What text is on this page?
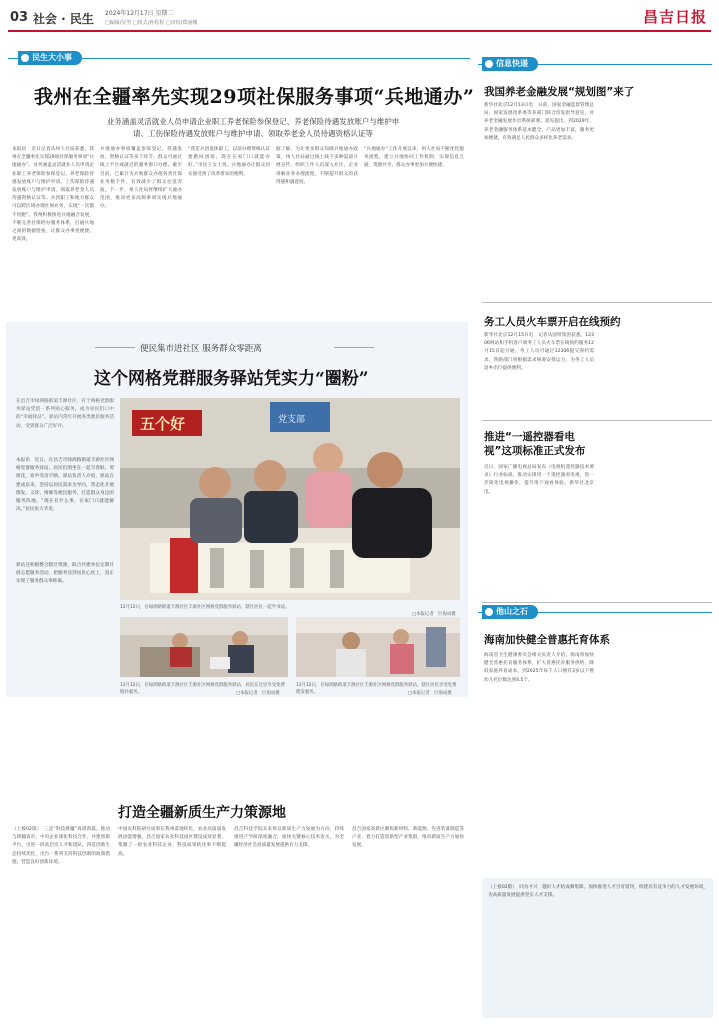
03 社会 · 民生 2024年12月17日 星期二
□编辑/吴男 □组式/孙程程 □审校/郑丽娜	昌吉日报
民生大小事
我州在全疆率先实现29项社保服务事项“兵地通办”
业务涵盖灵活就业人员申请企业职工养老保险参保登记、养老保险待遇发放账户与维护申
请、工伤保险待遇发放账户与维护申请、领取养老金人员待遇资格认证等
本报讯　近日记者从州人社局获悉，我州在全疆率先实现29项社保服务事项“兵地通办”。业务涵盖灵活就业人员申请企业职工养老保险参保登记、养老保险待遇发放账户与维护申请、工伤保险待遇发放账户与维护申请、领取养老金人员待遇资格认证等。兵团职工和地方群众可以跨区域办理社保业务，实现“一次都不用跑”。我州积极推进兵地融合发展，不断完善社保经办服务体系，打通兵地之间的数据壁垒，让群众办事更便捷、更高效。
兵地通办事项覆盖参保登记、待遇发放、资格认证等多个环节，群众可通过线上平台或就近的服务窗口办理。截至目前，已累计为兵地群众办理各类社保业务数千件，有效减少了群众往返奔波。下一步，州人社局将继续扩大通办范围，推动更多高频事项实现兵地通办。
“我是兵团退休职工，以前办理资格认证要跑回团场，现在在家门口就能办好。”市民王女士说。兵地通办让群众切实感受到了改革带来的便利。
据了解，为让更多群众知晓兵地通办政策，州人社局通过线上线下多种渠道开展宣传，组织工作人员深入社区、企业讲解业务办理流程，不断提升群众的获得感和满意度。
“兵地通办”工作开展以来，州人社局不断优化服务流程，建立兵地协同工作机制，实现信息互通、资源共享，群众办事更加方便快捷。
便民集市进社区 服务群众零距离
这个网格党群服务驿站凭实力“圈粉”
在昌吉市绿洲路街道丰源社区，有个网格党群服务驿站凭借一系列贴心服务，成为居民们口中的“幸福驿站”。驿站内常年开展各类便民服务活动，受到群众广泛好评。
本报讯　近日，在昌吉市绿洲路街道丰源社区网格党群服务驿站，居民们围坐在一起写春联、剪窗花，欢声笑语不断。驿站负责人介绍，驿站自建成以来，坚持以居民需求为导向，常态化开展理发、义诊、维修等便民服务，打造群众身边的服务阵地。“现在有什么事，在家门口就能解决。”居民张大爷说。
驿站还积极整合辖区资源，联合共建单位定期开展志愿服务活动，把服务送到居民心坎上，真正实现了服务群众零距离。
五个好	党支部
12月12日，在绿洲路街道丰源社区丰源社区网格党群服务驿站，辖区居民一起学书法。
□本报记者　巨海成摄
12月12日，在绿洲路街道丰源社区丰源社区网格党群服务驿站，居民在这里享受免费缝补服务。	□本报记者　巨海成摄
12月12日，在绿洲路街道丰源社区丰源社区网格党群服务驿站，辖区居民享受免费理发服务。	□本报记者　巨海成摄
打造全疆新质生产力策源地
（上接02版）　三是“科技援疆”再谱新篇。推动与援疆省市、中央企业深化科技合作，共建创新平台，引进一批高层次人才和团队。四是创新生态持续优化，出台一系列支持科技创新的政策措施，营造良好创新环境。
中国农科院研究成果在我州落地转化，农业高质量发展动能增强。昌吉国家农业科技园区建设成效显著，集聚了一批农业科技企业，科技成果转化率不断提高。
昌吉科技学院未来将以新质生产力发展为方向，持续推进产学研深度融合，加快关键核心技术攻关，为全疆经济社会高质量发展提供有力支撑。
昌吉国家高新区聚焦新材料、新能源、先进装备制造等产业，着力打造创新型产业集群，推动新质生产力加快发展。
信息快递
我国养老金融发展“规划图”来了
新华社北京12月13日电　日前，国家金融监督管理总局、国家发展改革委等多部门联合印发指导意见，对养老金融发展作出系统部署。意见提出，到2029年，养老金融服务体系基本健全，产品更加丰富，服务更加便捷，有效满足人民群众多样化养老需求。
务工人员火车票开启在线预约
新华社北京12月15日电　记者从国铁集团获悉，12306网站和手机客户端务工人员火车票在线预约服务12月15日起开通。务工人员可通过12306提交预约需求，铁路部门将根据需求统筹安排运力，为务工人员返乡出行提供便利。
推进“一遥控器看电视”这项标准正式发布
近日，国家广播电视总局发布《电视机遥控器技术要求》行业标准，推动实现用一个遥控器看电视，进一步简化电视操作，提升用户观看体验。新华社北京电。
他山之石
海南加快健全普惠托育体系
海南省卫生健康委员会相关负责人介绍，海南将加快健全普惠托育服务体系，扩大普惠托育服务供给，降低家庭养育成本，到2025年每千人口拥有3岁以下婴幼儿托位数达到4.5个。
（上接02版）　同为才兴　越好人才结成舞集障。加快推进人才引育留用，构建具有竞争力的人才发展环境，为高质量发展提供坚实人才支撑。
